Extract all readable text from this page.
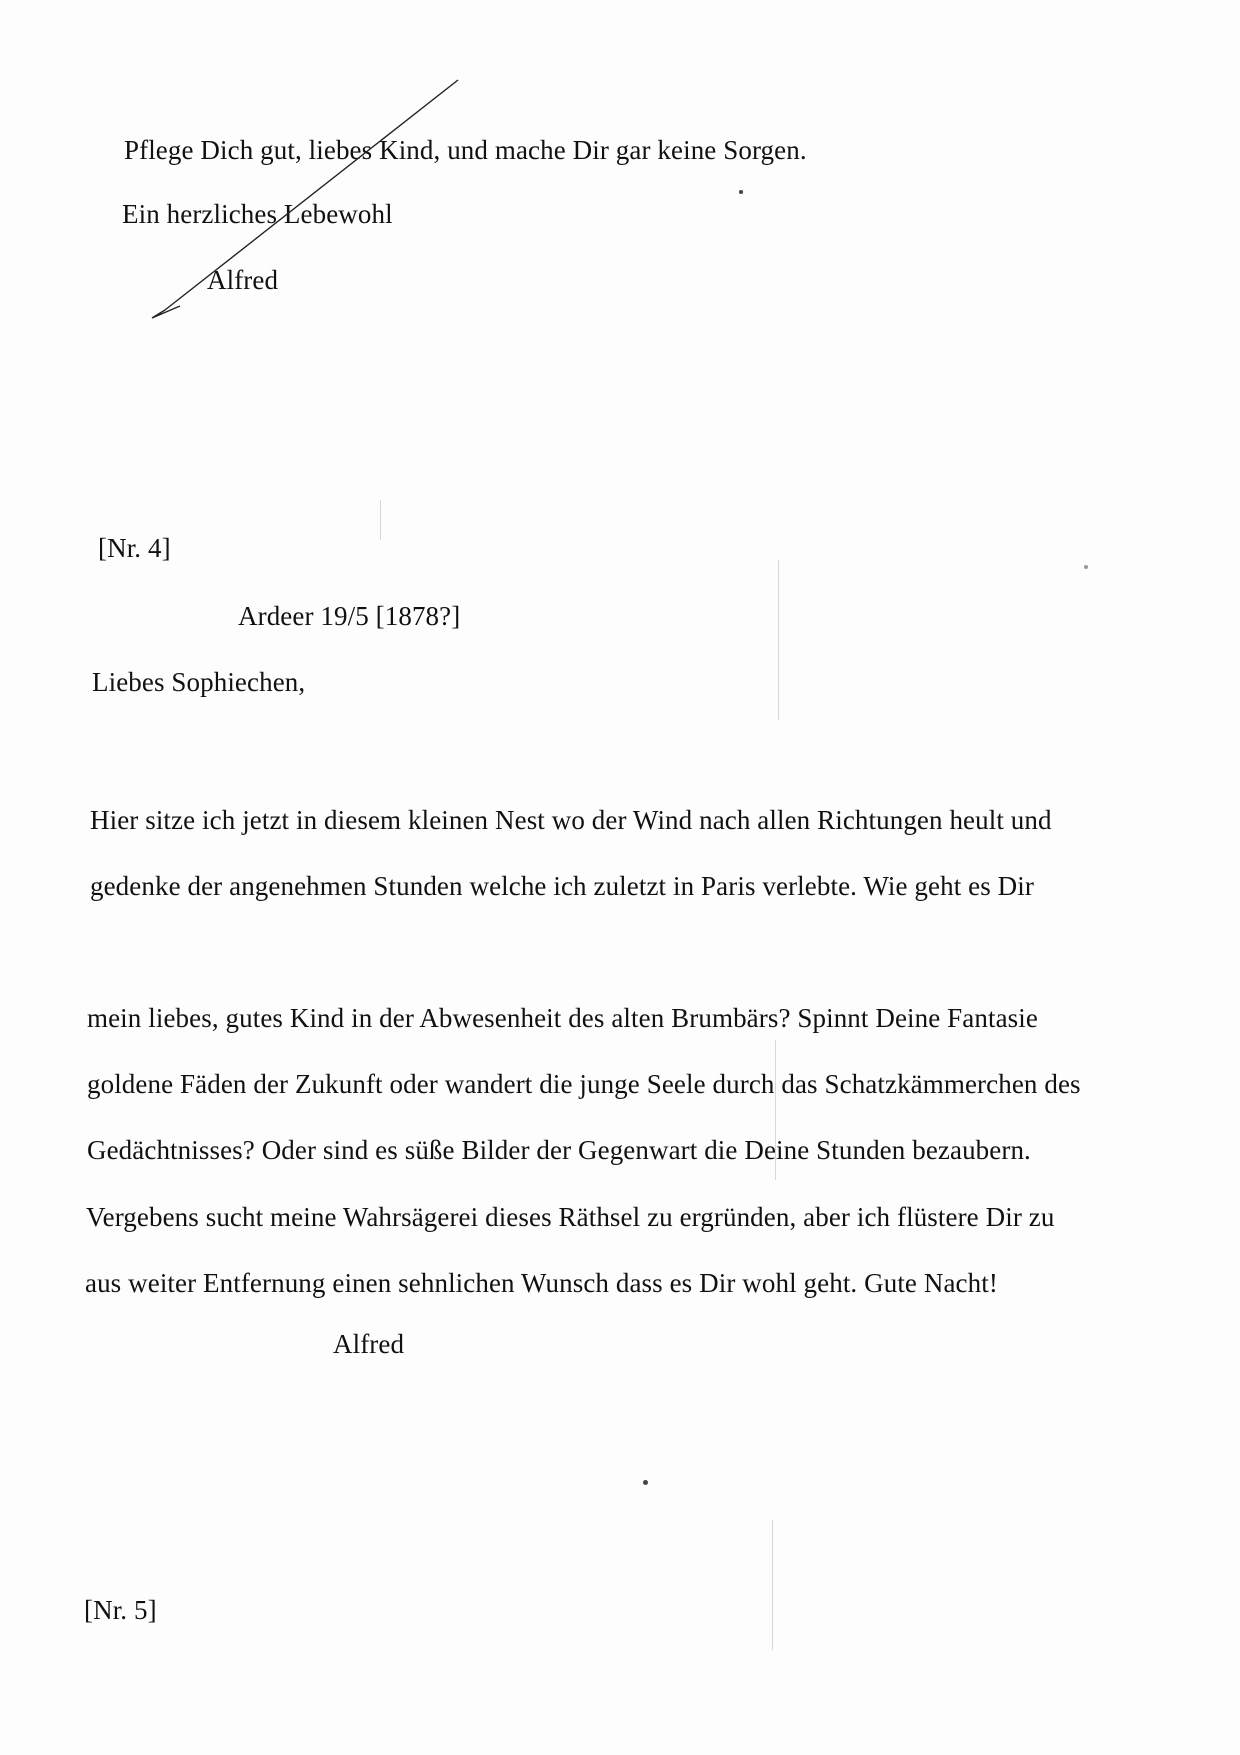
Pflege Dich gut, liebes Kind, und mache Dir gar keine Sorgen.
Ein herzliches Lebewohl
Alfred
[Nr. 4]
Ardeer 19/5 [1878?]
Liebes Sophiechen,
Hier sitze ich jetzt in diesem kleinen Nest wo der Wind nach allen Richtungen heult und
gedenke der angenehmen Stunden welche ich zuletzt in Paris verlebte. Wie geht es Dir
mein liebes, gutes Kind in der Abwesenheit des alten Brumbärs? Spinnt Deine Fantasie
goldene Fäden der Zukunft oder wandert die junge Seele durch das Schatzkämmerchen des
Gedächtnisses? Oder sind es süße Bilder der Gegenwart die Deine Stunden bezaubern.
Vergebens sucht meine Wahrsägerei dieses Räthsel zu ergründen, aber ich flüstere Dir zu
aus weiter Entfernung einen sehnlichen Wunsch dass es Dir wohl geht. Gute Nacht!
Alfred
[Nr. 5]
